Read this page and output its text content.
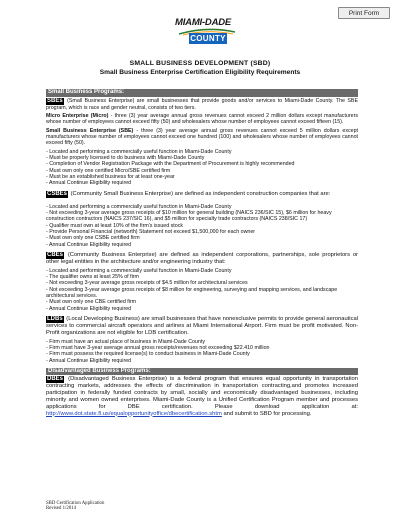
Print Form
MIAMI-DADE
COUNTY
SMALL BUSINESS DEVELOPMENT (SBD)
Small Business Enterprise Certification Eligibility Requirements
Small Business Programs:

SBEs (Small Business Enterprise) are small businesses that provide goods and/or services to Miami-Dade County. The SBE program, which is race and gender neutral, consists of two tiers.

Micro Enterprise (Micro) - three (3) year average annual gross revenues cannot exceed 2 million dollars except manufacturers whose number of employees cannot exceed fifty (50) and wholesalers whose number of employees cannot exceed fifteen (15).

Small Business Enterprise (SBE) - three (3) year average annual gross revenues cannot exceed 5 million dollars except manufacturers whose number of employees cannot exceed one hundred (100) and wholesalers whose number of employees cannot exceed fifty (50).

- Located and performing a commercially useful function in Miami-Dade County
- Must be properly licensed to do business with Miami-Dade County
- Completion of Vendor Registration Package with the Department of Procurement is highly recommended
- Must own only one certified Micro/SBE certified firm
- Must be an established business for at least one-year
- Annual Continue Eligibility required

CSBEs (Community Small Business Enterprise) are defined as independent construction companies that are:

- Located and performing a commercially useful function in Miami-Dade County
- Not exceeding 3-year average gross receipts of $10 million for general building (NAICS 236/SIC 15), $6 million for heavy construction contractors (NAICS 237/SIC 16), and $5 million for specialty trade contractors (NAICS 238/SIC 17)
- Qualifier must own at least 10% of the firm's issued stock
- Provide Personal Financial (networth) Statement not exceed $1,500,000 for each owner
- Must own only one CSBE certified firm
- Annual Continue Eligibility required

CBEs (Community Business Enterprise) are defined as independent corporations, partnerships, sole proprietors or other legal entities in the architecture and/or engineering industry that:

- Located and performing a commercially useful function in Miami-Dade County
- The qualifier owns at least 25% of firm
- Not exceeding 3-year average gross receipts of $4.5 million for architectural services
- Not exceeding 3-year average gross receipts of $8 million for engineering, surveying and mapping services, and landscape architectural services.
- Must own only one CBE certified firm
- Annual Continue Eligibility required

LDBs (Local Developing Business) are small businesses that have nonexclusive permits to provide general aeronautical services to commercial aircraft operators and airlines at Miami International Airport. Firm must be profit motivated. Non-Profit organizations are not eligible for LDB certification.

- Firm must have an actual place of business in Miami-Dade County
- Firm must have 3-year average annual gross receipts/revenues not exceeding $22.410 million
- Firm must possess the required license(s) to conduct business in Miami-Dade County
- Annual Continue Eligibility required
Disadvantaged Business Programs:

DBEs (Disadvantaged Business Enterprise) is a federal program that ensures equal opportunity in transportation contracting markets, addresses the effects of discrimination in transportation contracting,and promotes increased participation in federally funded contracts by small, socially and economically disadvantaged businesses, including minority and women owned enterprises. Miami-Dade County is a Unified Certification Program member and processes applications for DBE certification. Please download application at: http://www.dot.state.fl.us/equalopportunityoffice/dbecertification.shtm and submit to SBD for processing.

SBD Certification Application
Revised 1/2014
